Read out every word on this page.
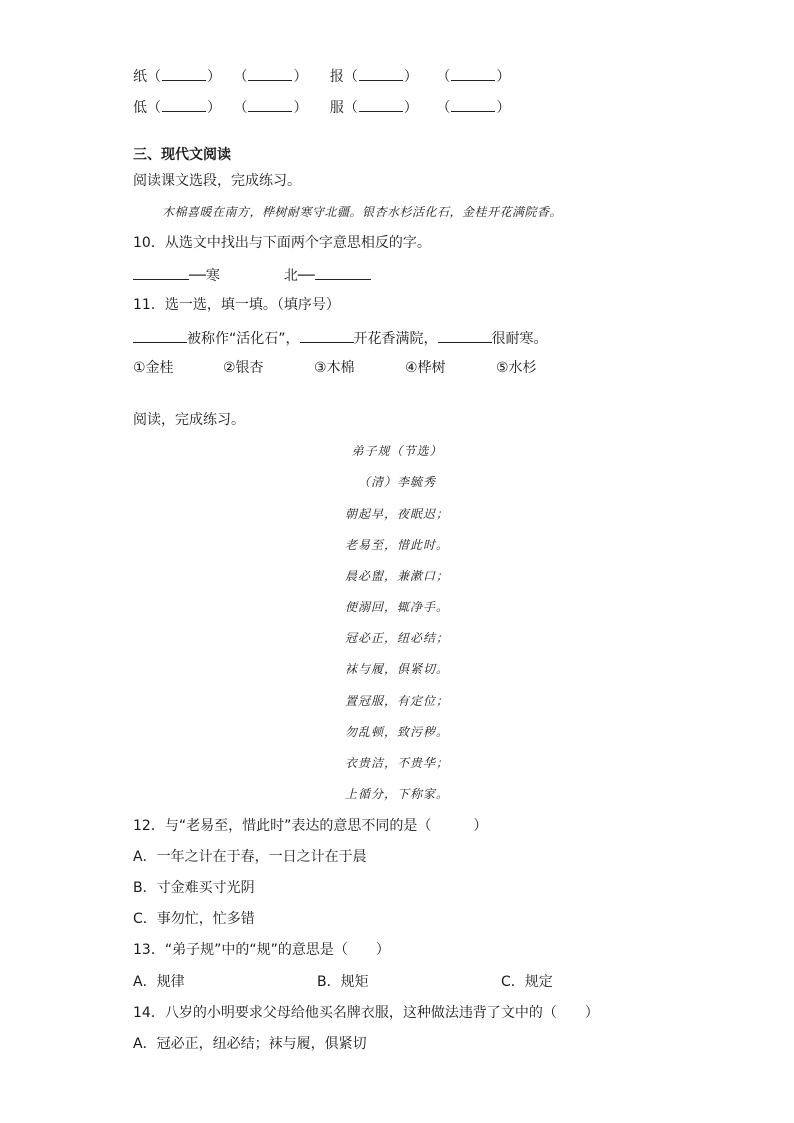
纸（	） （	） 报（	） （	）
低（	） （	） 服（	） （	）
三、现代文阅读
阅读课文选段，完成练习。
木棉喜暖在南方，桦树耐寒守北疆。银杏水杉活化石，金桂开花满院香。
10．从选文中找出与下面两个字意思相反的字。
──寒	北──
11．选一选，填一填。（填序号）
被称作“活化石”，	开花香满院，	很耐寒。
①金桂	②银杏	③木棉	④桦树	⑤水杉
阅读，完成练习。
弟子规（节选）
（清）李毓秀
朝起早，夜眠迟；
老易至，惜此时。
晨必盥，兼漱口；
便溺回，辄净手。
冠必正，纽必结；
袜与履，俱紧切。
置冠服，有定位；
勿乱顿，致污秽。
衣贵洁，不贵华；
上循分，下称家。
12．与“老易至，惜此时”表达的意思不同的是（　　　）
A．一年之计在于春，一日之计在于晨
B．寸金难买寸光阴
C．事勿忙，忙多错
13．“弟子规”中的“规”的意思是（　　）
A．规律	B．规矩	C．规定
14．八岁的小明要求父母给他买名牌衣服，这种做法违背了文中的（　　）
A．冠必正，纽必结；袜与履，俱紧切
